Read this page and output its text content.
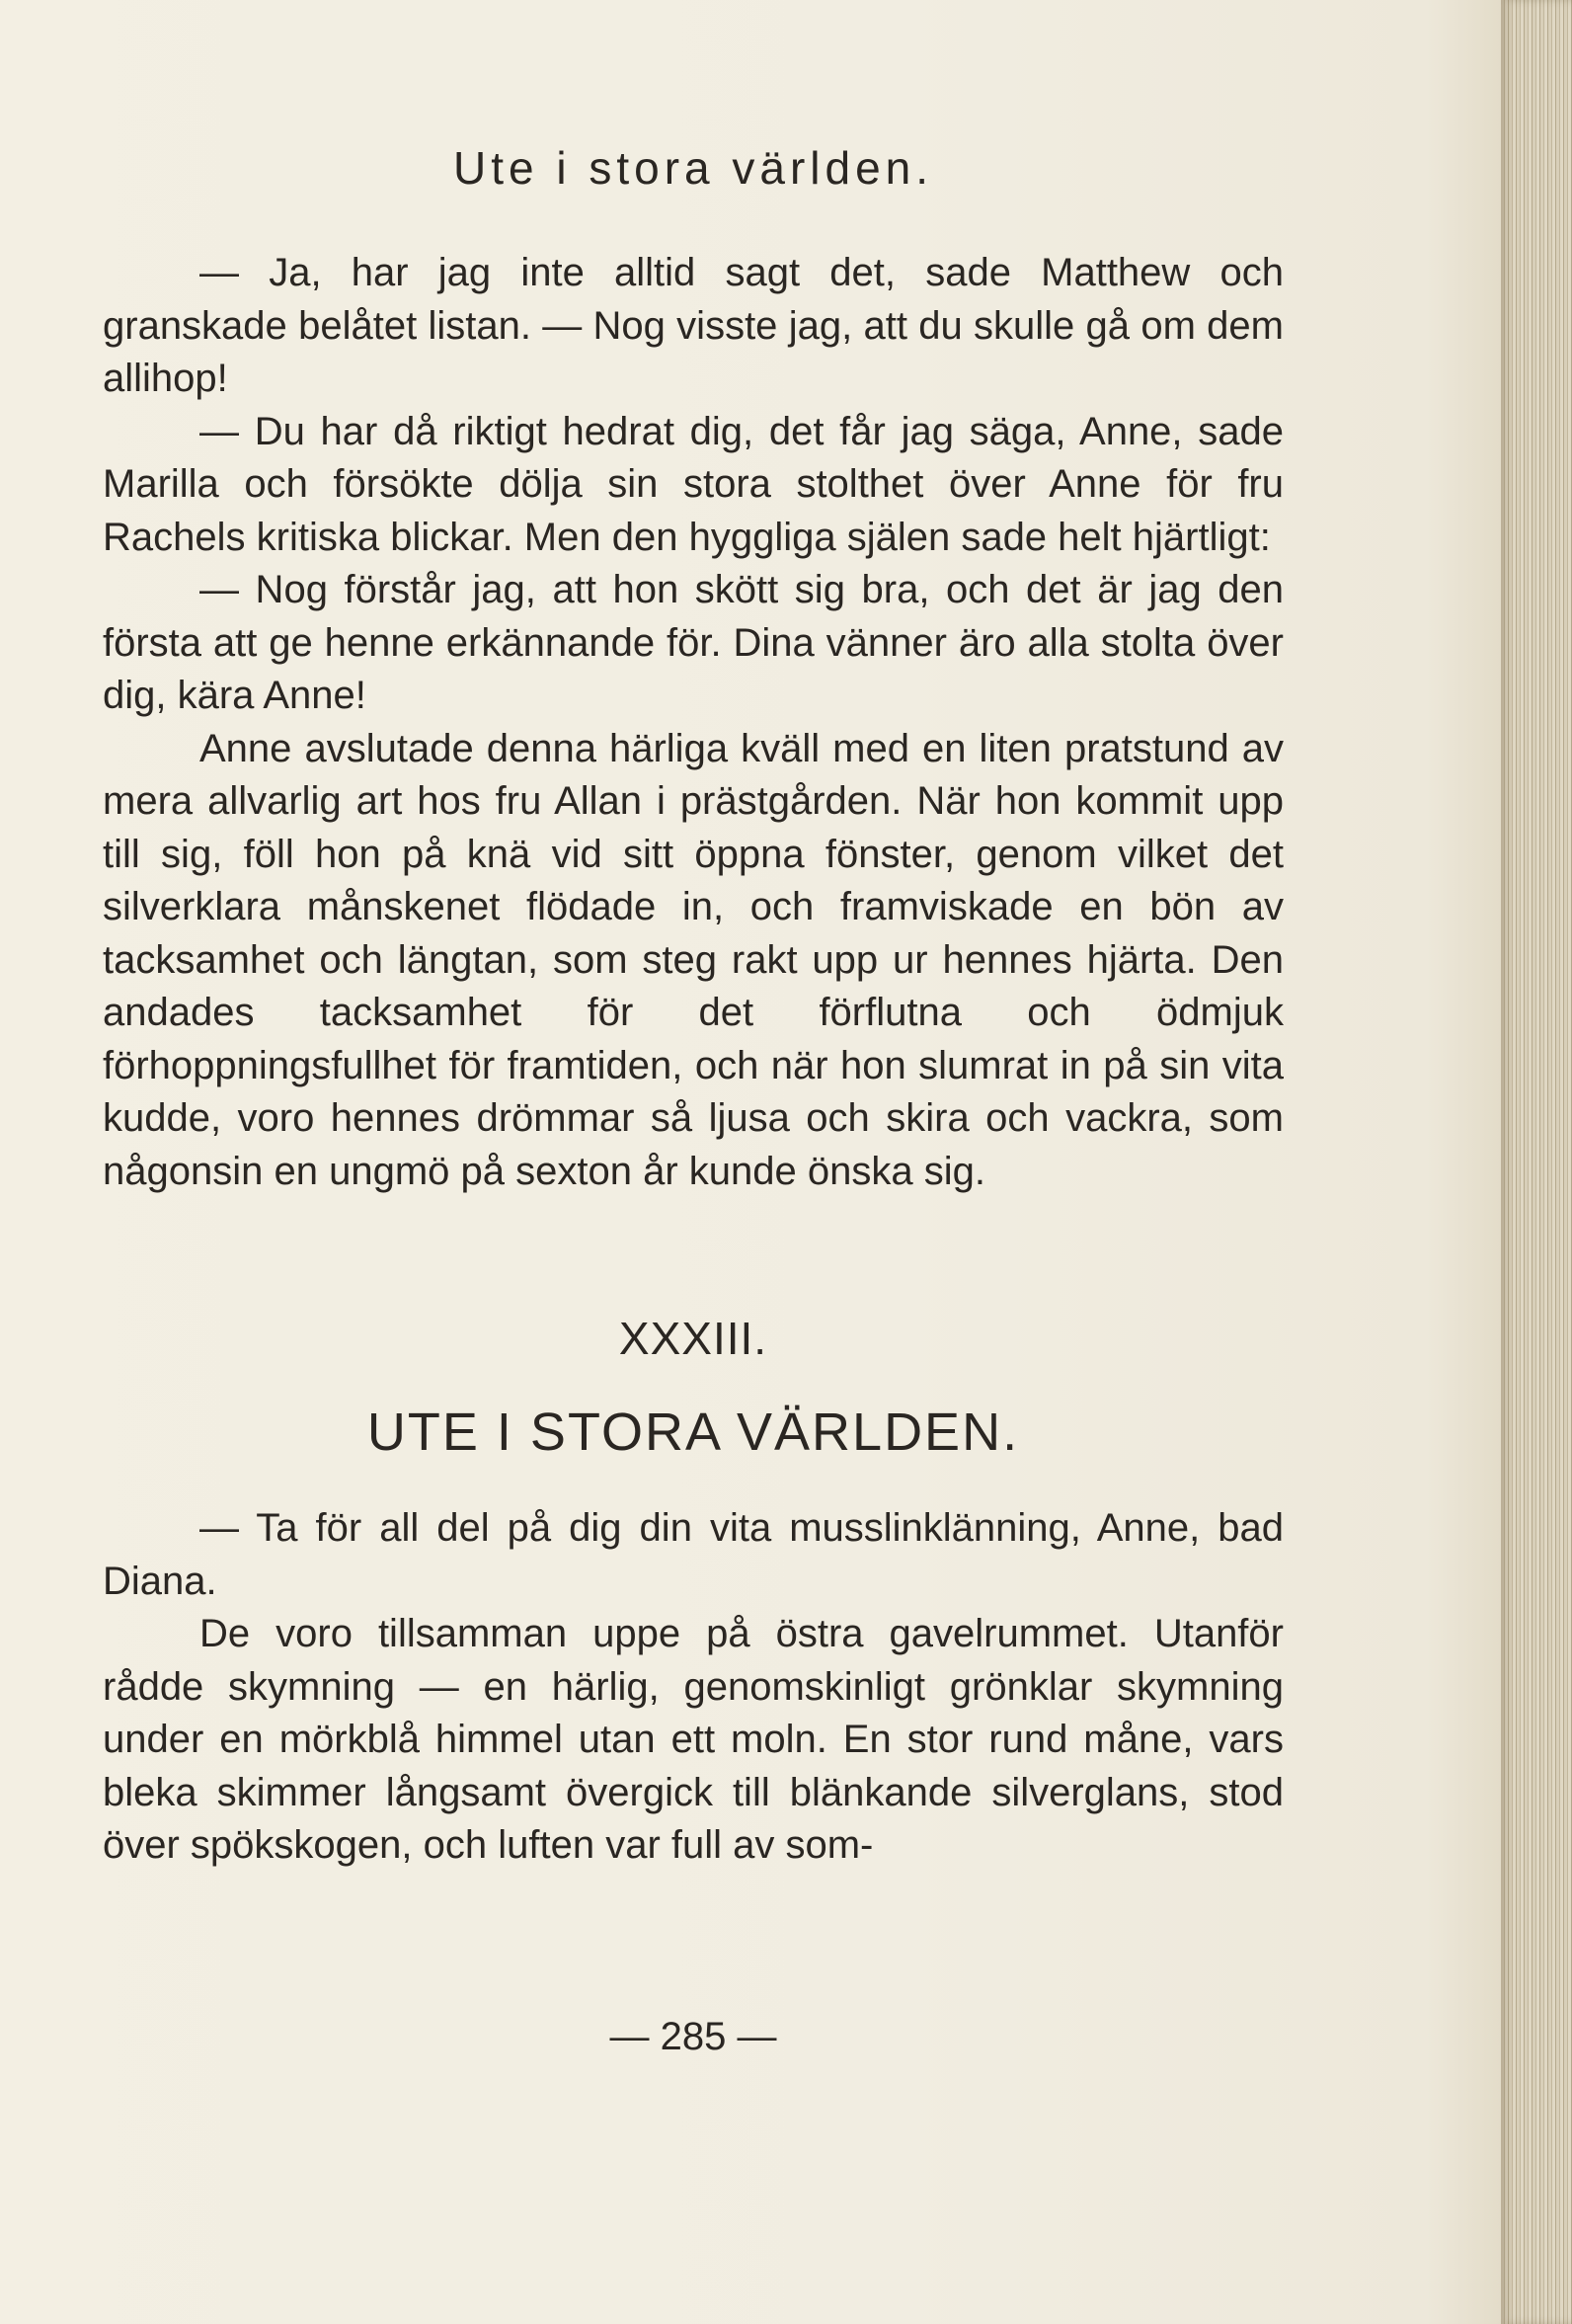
Ute i stora världen.

— Ja, har jag inte alltid sagt det, sade Matthew och granskade belåtet listan. — Nog visste jag, att du skulle gå om dem allihop!

— Du har då riktigt hedrat dig, det får jag säga, Anne, sade Marilla och försökte dölja sin stora stolthet över Anne för fru Rachels kritiska blickar. Men den hyggliga själen sade helt hjärtligt:

— Nog förstår jag, att hon skött sig bra, och det är jag den första att ge henne erkännande för. Dina vänner äro alla stolta över dig, kära Anne!

Anne avslutade denna härliga kväll med en liten pratstund av mera allvarlig art hos fru Allan i prästgården. När hon kommit upp till sig, föll hon på knä vid sitt öppna fönster, genom vilket det silverklara månskenet flödade in, och framviskade en bön av tacksamhet och längtan, som steg rakt upp ur hennes hjärta. Den andades tacksamhet för det förflutna och ödmjuk förhoppningsfullhet för framtiden, och när hon slumrat in på sin vita kudde, voro hennes drömmar så ljusa och skira och vackra, som någonsin en ungmö på sexton år kunde önska sig.

XXXIII.
UTE I STORA VÄRLDEN.

— Ta för all del på dig din vita musslinklänning, Anne, bad Diana.

De voro tillsamman uppe på östra gavelrummet. Utanför rådde skymning — en härlig, genomskinligt grönklar skymning under en mörkblå himmel utan ett moln. En stor rund måne, vars bleka skimmer långsamt övergick till blänkande silverglans, stod över spökskogen, och luften var full av som-

— 285 —
